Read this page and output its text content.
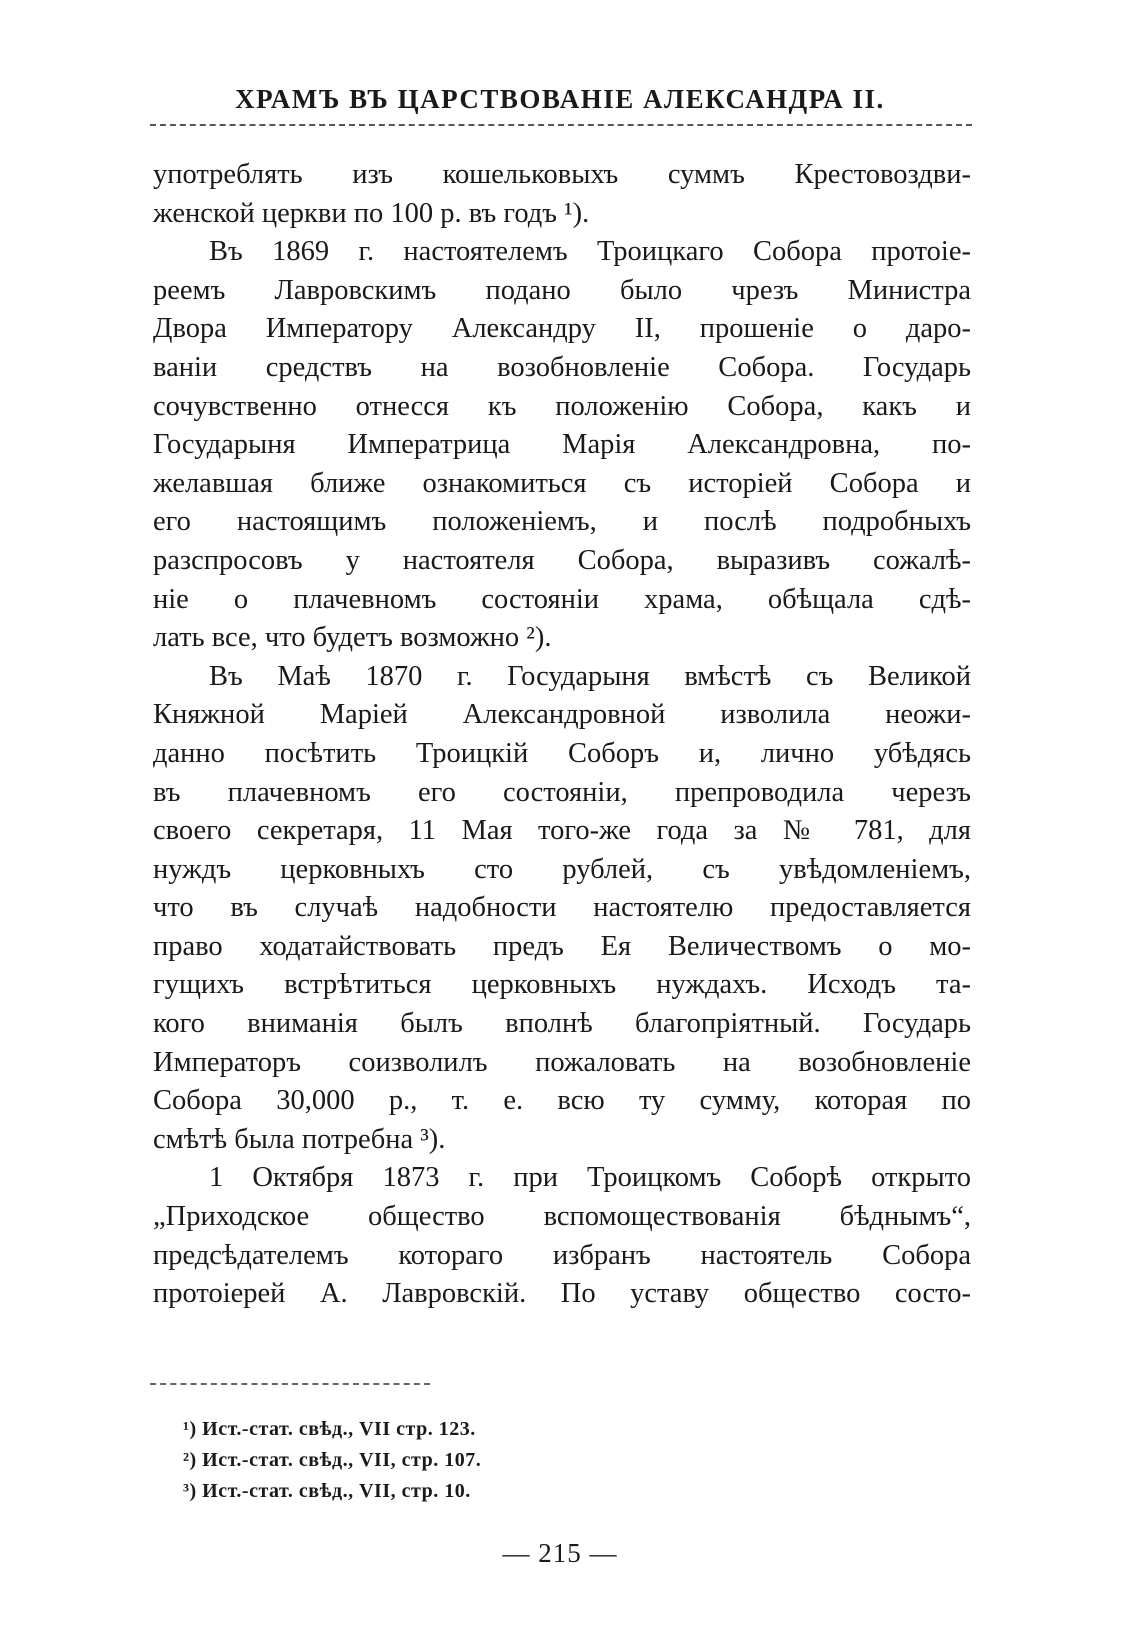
ХРАМЪ ВЪ ЦАРСТВОВАНІЕ АЛЕКСАНДРА II.
употреблять изъ кошельковыхъ суммъ Крестовоздви-
женской церкви по 100 р. въ годъ ¹).
Въ 1869 г. настоятелемъ Троицкаго Собора протоіе-
реемъ Лавровскимъ подано было чрезъ Министра
Двора Императору Александру II, прошеніе о даро-
ваніи средствъ на возобновленіе Собора. Государь
сочувственно отнесся къ положенію Собора, какъ и
Государыня Императрица Марія Александровна, по-
желавшая ближе ознакомиться съ исторіей Собора и
его настоящимъ положеніемъ, и послѣ подробныхъ
разспросовъ у настоятеля Собора, выразивъ сожалѣ-
ніе о плачевномъ состояніи храма, обѣщала сдѣ-
лать все, что будетъ возможно ²).
Въ Маѣ 1870 г. Государыня вмѣстѣ съ Великой
Княжной Маріей Александровной изволила неожи-
данно посѣтить Троицкій Соборъ и, лично убѣдясь
въ плачевномъ его состояніи, препроводила черезъ
своего секретаря, 11 Мая того-же года за № 781, для
нуждъ церковныхъ сто рублей, съ увѣдомленіемъ,
что въ случаѣ надобности настоятелю предоставляется
право ходатайствовать предъ Ея Величествомъ о мо-
гущихъ встрѣтиться церковныхъ нуждахъ. Исходъ та-
кого вниманія былъ вполнѣ благопріятный. Государь
Императоръ соизволилъ пожаловать на возобновленіе
Собора 30,000 р., т. е. всю ту сумму, которая по
смѣтѣ была потребна ³).
1 Октября 1873 г. при Троицкомъ Соборѣ открыто
„Приходское общество вспомоществованія бѣднымъ“,
предсѣдателемъ котораго избранъ настоятель Собора
протоіерей А. Лавровскій. По уставу общество состо-
¹) Ист.-стат. свѣд., VII стр. 123.
²) Ист.-стат. свѣд., VII, стр. 107.
³) Ист.-стат. свѣд., VII, стр. 10.
— 215 —
